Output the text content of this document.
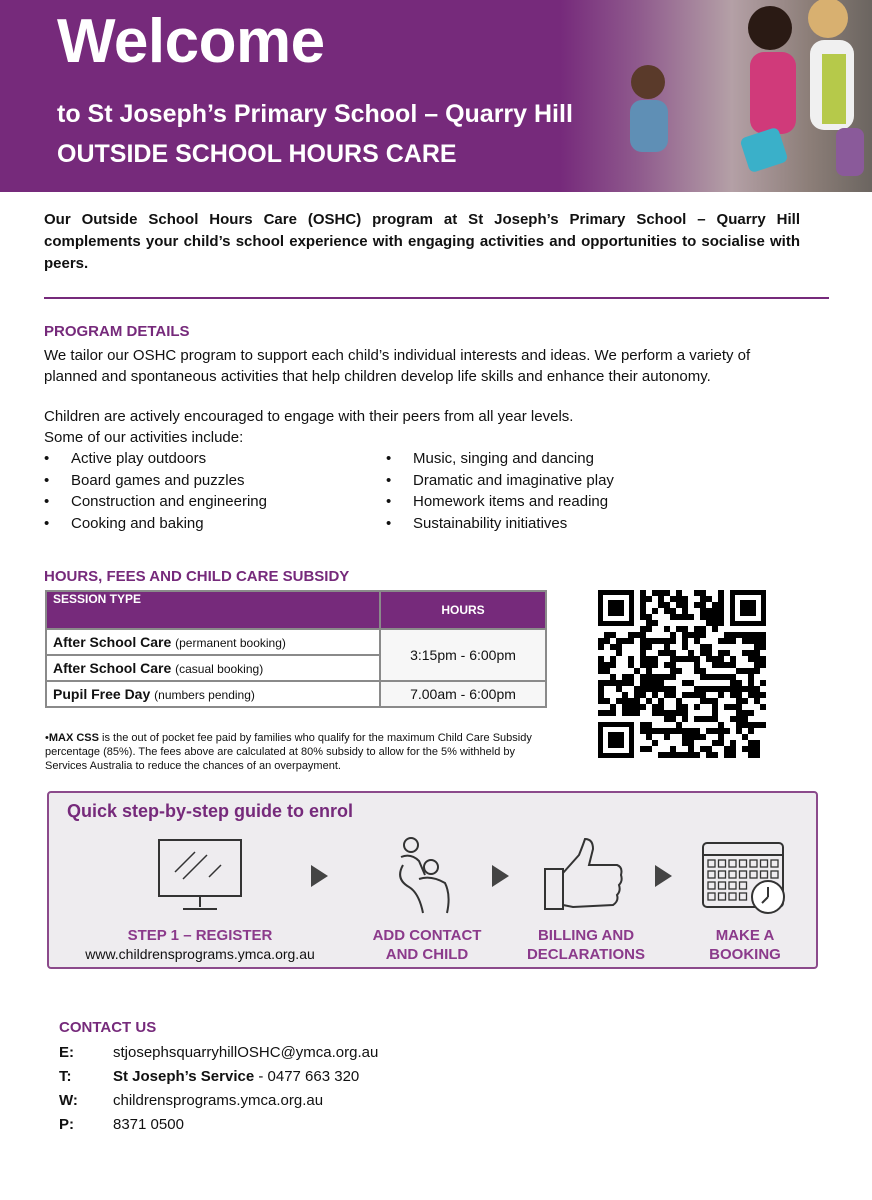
Welcome
to St Joseph’s Primary School – Quarry Hill
OUTSIDE SCHOOL HOURS CARE
Our Outside School Hours Care (OSHC) program at St Joseph’s Primary School – Quarry Hill complements your child’s school experience with engaging activities and opportunities to socialise with peers.
PROGRAM DETAILS
We tailor our OSHC program to support each child’s individual interests and ideas. We perform a variety of planned and spontaneous activities that help children develop life skills and enhance their autonomy.
Children are actively encouraged to engage with their peers from all year levels.
Some of our activities include:
• Active play outdoors
• Board games and puzzles
• Construction and engineering
• Cooking and baking
• Music, singing and dancing
• Dramatic and imaginative play
• Homework items and reading
• Sustainability initiatives
HOURS, FEES AND CHILD CARE SUBSIDY
SESSION TYPE	HOURS
After School Care (permanent booking)	3:15pm - 6:00pm
After School Care (casual booking)	
Pupil Free Day (numbers pending)	7.00am - 6:00pm
•MAX CSS is the out of pocket fee paid by families who qualify for the maximum Child Care Subsidy percentage (85%). The fees above are calculated at 80% subsidy to allow for the 5% withheld by Services Australia to reduce the chances of an overpayment.
Quick step-by-step guide to enrol
STEP 1 – REGISTER
www.childrensprograms.ymca.org.au
ADD CONTACT
AND CHILD
BILLING AND
DECLARATIONS
MAKE A
BOOKING
CONTACT US
E:	stjosephsquarryhillOSHC@ymca.org.au
T:	St Joseph’s Service - 0477 663 320
W: childrensprograms.ymca.org.au
P:	8371 0500
